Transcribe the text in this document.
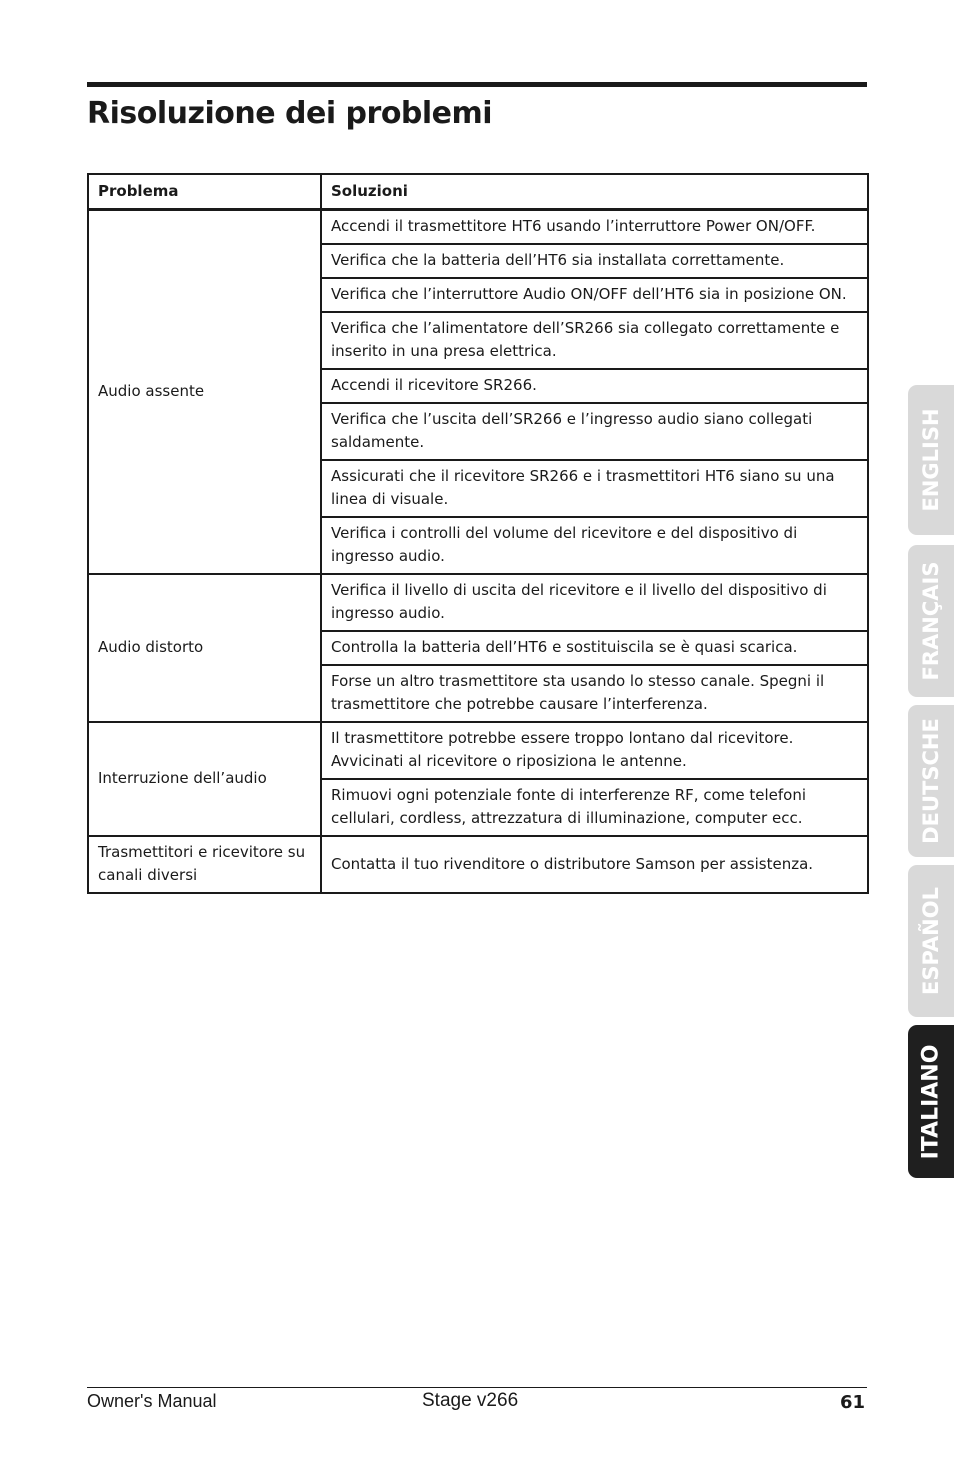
Risoluzione dei problemi
Problema	Soluzioni
Audio assente	Accendi il trasmettitore HT6 usando l’interruttore Power ON/OFF.
	Verifica che la batteria dell’HT6 sia installata correttamente.
	Verifica che l’interruttore Audio ON/OFF dell’HT6 sia in posizione ON.
	Verifica che l’alimentatore dell’SR266 sia collegato correttamente e inserito in una presa elettrica.
	Accendi il ricevitore SR266.
	Verifica che l’uscita dell’SR266 e l’ingresso audio siano collegati saldamente.
	Assicurati che il ricevitore SR266 e i trasmettitori HT6 siano su una linea di visuale.
	Verifica i controlli del volume del ricevitore e del dispositivo di ingresso audio.
Audio distorto	Verifica il livello di uscita del ricevitore e il livello del dispositivo di ingresso audio.
	Controlla la batteria dell’HT6 e sostituiscila se è quasi scarica.
	Forse un altro trasmettitore sta usando lo stesso canale. Spegni il trasmettitore che potrebbe causare l’interferenza.
Interruzione dell’audio	Il trasmettitore potrebbe essere troppo lontano dal ricevitore. Avvicinati al ricevitore o riposiziona le antenne.
	Rimuovi ogni potenziale fonte di interferenze RF, come telefoni cellulari, cordless, attrezzatura di illuminazione, computer ecc.
Trasmettitori e ricevitore su canali diversi	Contatta il tuo rivenditore o distributore Samson per assistenza.
ENGLISH
FRANÇAIS
DEUTSCHE
ESPAÑOL
ITALIANO
Owner's Manual	Stage v266	61
